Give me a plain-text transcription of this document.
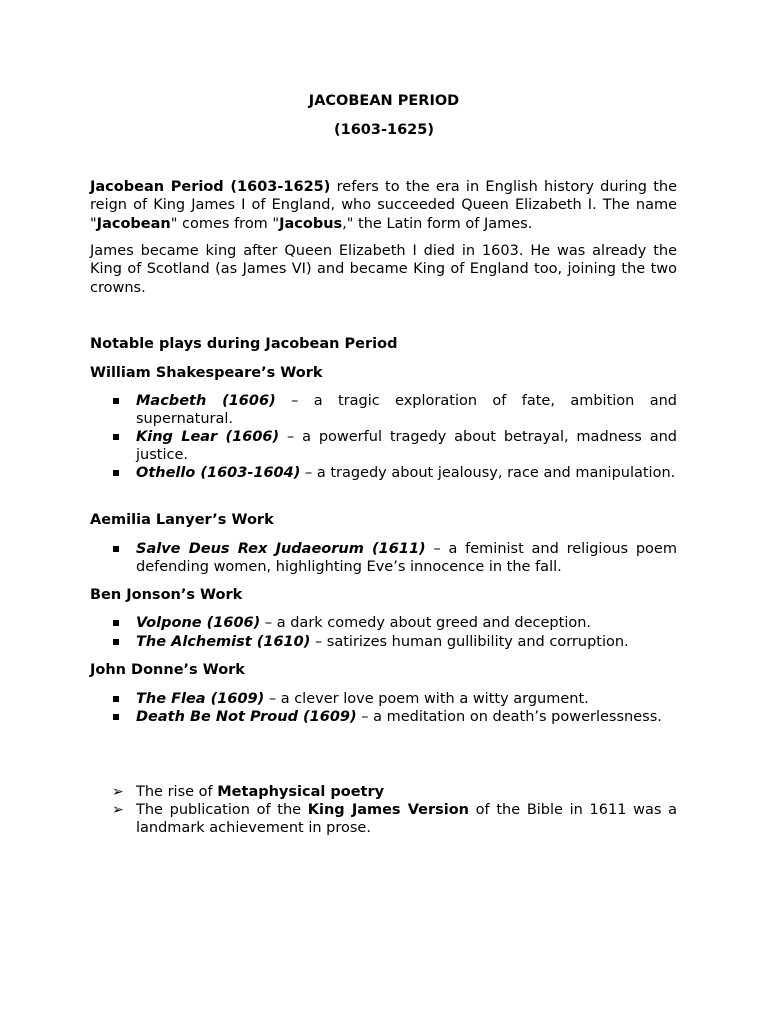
JACOBEAN PERIOD
(1603-1625)
Jacobean Period (1603-1625) refers to the era in English history during the reign of King James I of England, who succeeded Queen Elizabeth I. The name "Jacobean" comes from "Jacobus," the Latin form of James.
James became king after Queen Elizabeth I died in 1603. He was already the King of Scotland (as James VI) and became King of England too, joining the two crowns.
Notable plays during Jacobean Period
William Shakespeare’s Work
Macbeth (1606) – a tragic exploration of fate, ambition and supernatural.
King Lear (1606) – a powerful tragedy about betrayal, madness and justice.
Othello (1603-1604) – a tragedy about jealousy, race and manipulation.
Aemilia Lanyer’s Work
Salve Deus Rex Judaeorum (1611) – a feminist and religious poem defending women, highlighting Eve’s innocence in the fall.
Ben Jonson’s Work
Volpone (1606) – a dark comedy about greed and deception.
The Alchemist (1610) – satirizes human gullibility and corruption.
John Donne’s Work
The Flea (1609) – a clever love poem with a witty argument.
Death Be Not Proud (1609) – a meditation on death’s powerlessness.
➢ The rise of Metaphysical poetry
➢ The publication of the King James Version of the Bible in 1611 was a landmark achievement in prose.
